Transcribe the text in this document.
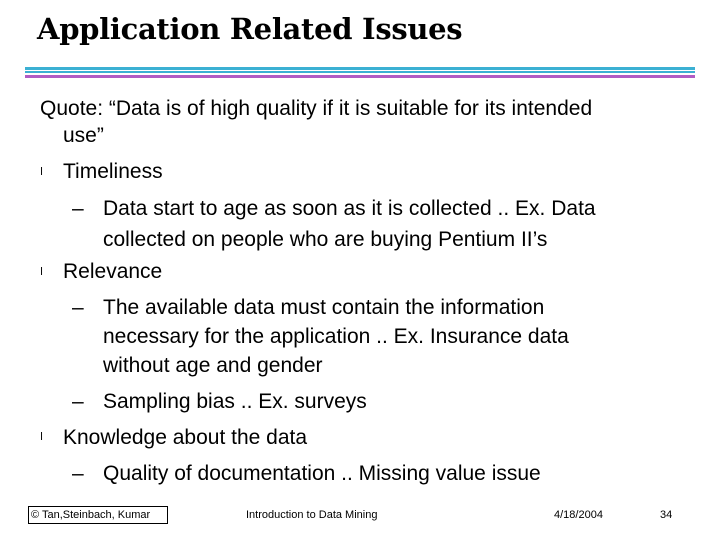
Application Related Issues
Quote: “Data is of high quality if it is suitable for its intended
use”
l Timeliness
– Data start to age as soon as it is collected .. Ex. Data
collected on people who are buying Pentium II’s
l Relevance
– The available data must contain the information
necessary for the application .. Ex. Insurance data
without age and gender
– Sampling bias .. Ex. surveys
l Knowledge about the data
– Quality of documentation .. Missing value issue
© Tan,Steinbach, Kumar	Introduction to Data Mining	4/18/2004	34
